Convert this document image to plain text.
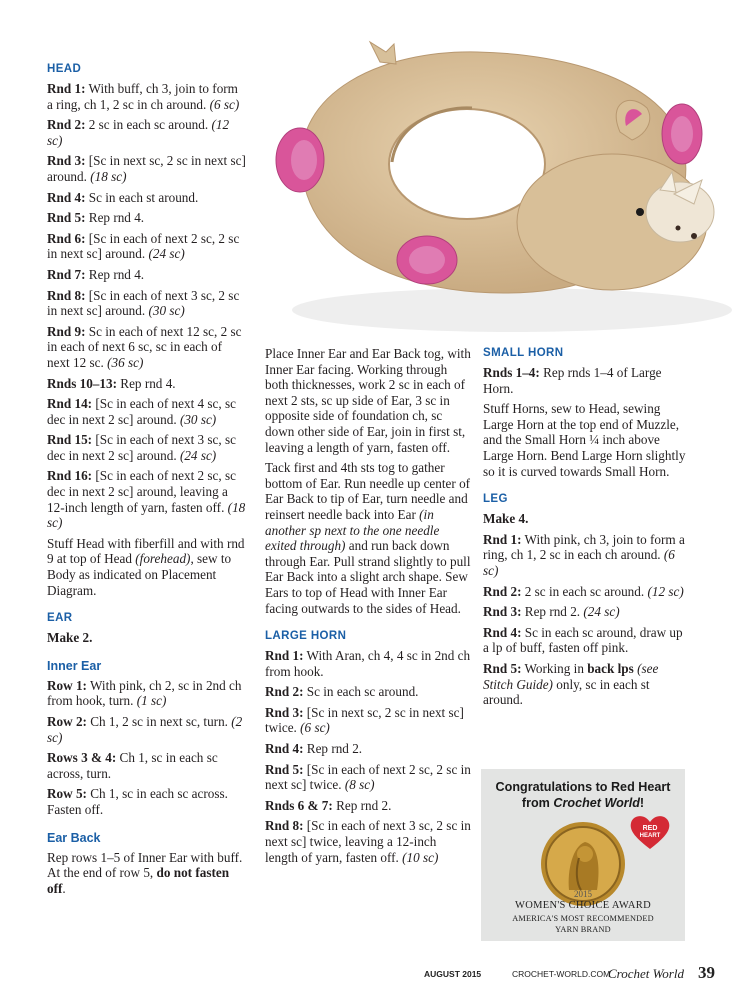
HEAD

Rnd 1: With buff, ch 3, join to form a ring, ch 1, 2 sc in ch around. (6 sc)

Rnd 2: 2 sc in each sc around. (12 sc)

Rnd 3: [Sc in next sc, 2 sc in next sc] around. (18 sc)

Rnd 4: Sc in each st around.

Rnd 5: Rep rnd 4.

Rnd 6: [Sc in each of next 2 sc, 2 sc in next sc] around. (24 sc)

Rnd 7: Rep rnd 4.

Rnd 8: [Sc in each of next 3 sc, 2 sc in next sc] around. (30 sc)

Rnd 9: Sc in each of next 12 sc, 2 sc in each of next 6 sc, sc in each of next 12 sc. (36 sc)

Rnds 10–13: Rep rnd 4.

Rnd 14: [Sc in each of next 4 sc, sc dec in next 2 sc] around. (30 sc)

Rnd 15: [Sc in each of next 3 sc, sc dec in next 2 sc] around. (24 sc)

Rnd 16: [Sc in each of next 2 sc, sc dec in next 2 sc] around, leaving a 12-inch length of yarn, fasten off. (18 sc)

Stuff Head with fiberfill and with rnd 9 at top of Head (forehead), sew to Body as indicated on Placement Diagram.

EAR

Make 2.

Inner Ear

Row 1: With pink, ch 2, sc in 2nd ch from hook, turn. (1 sc)

Row 2: Ch 1, 2 sc in next sc, turn. (2 sc)

Rows 3 & 4: Ch 1, sc in each sc across, turn.

Row 5: Ch 1, sc in each sc across. Fasten off.

Ear Back

Rep rows 1–5 of Inner Ear with buff. At the end of row 5, do not fasten off.

Place Inner Ear and Ear Back tog, with Inner Ear facing. Working through both thicknesses, work 2 sc in each of next 2 sts, sc up side of Ear, 3 sc in opposite side of foundation ch, sc down other side of Ear, join in first st, leaving a length of yarn, fasten off.

Tack first and 4th sts tog to gather bottom of Ear. Run needle up center of Ear Back to tip of Ear, turn needle and reinsert needle back into Ear (in another sp next to the one needle exited through) and run back down through Ear. Pull strand slightly to pull Ear Back into a slight arch shape. Sew Ears to top of Head with Inner Ear facing outwards to the sides of Head.

LARGE HORN

Rnd 1: With Aran, ch 4, 4 sc in 2nd ch from hook.

Rnd 2: Sc in each sc around.

Rnd 3: [Sc in next sc, 2 sc in next sc] twice. (6 sc)

Rnd 4: Rep rnd 2.

Rnd 5: [Sc in each of next 2 sc, 2 sc in next sc] twice. (8 sc)

Rnds 6 & 7: Rep rnd 2.

Rnd 8: [Sc in each of next 3 sc, 2 sc in next sc] twice, leaving a 12-inch length of yarn, fasten off. (10 sc)

SMALL HORN

Rnds 1–4: Rep rnds 1–4 of Large Horn.

Stuff Horns, sew to Head, sewing Large Horn at the top end of Muzzle, and the Small Horn ¼ inch above Large Horn. Bend Large Horn slightly so it is curved towards Small Horn.

LEG

Make 4.

Rnd 1: With pink, ch 3, join to form a ring, ch 1, 2 sc in each ch around. (6 sc)

Rnd 2: 2 sc in each sc around. (12 sc)

Rnd 3: Rep rnd 2. (24 sc)

Rnd 4: Sc in each sc around, draw up a lp of buff, fasten off pink.

Rnd 5: Working in back lps (see Stitch Guide) only, sc in each st around.

Congratulations to Red Heart
from Crochet World!
RED
HEART
2015
WOMEN'S CHOICE AWARD
AMERICA'S MOST RECOMMENDED
YARN BRAND
AUGUST 2015	CROCHET-WORLD.COM
Crochet World 39
